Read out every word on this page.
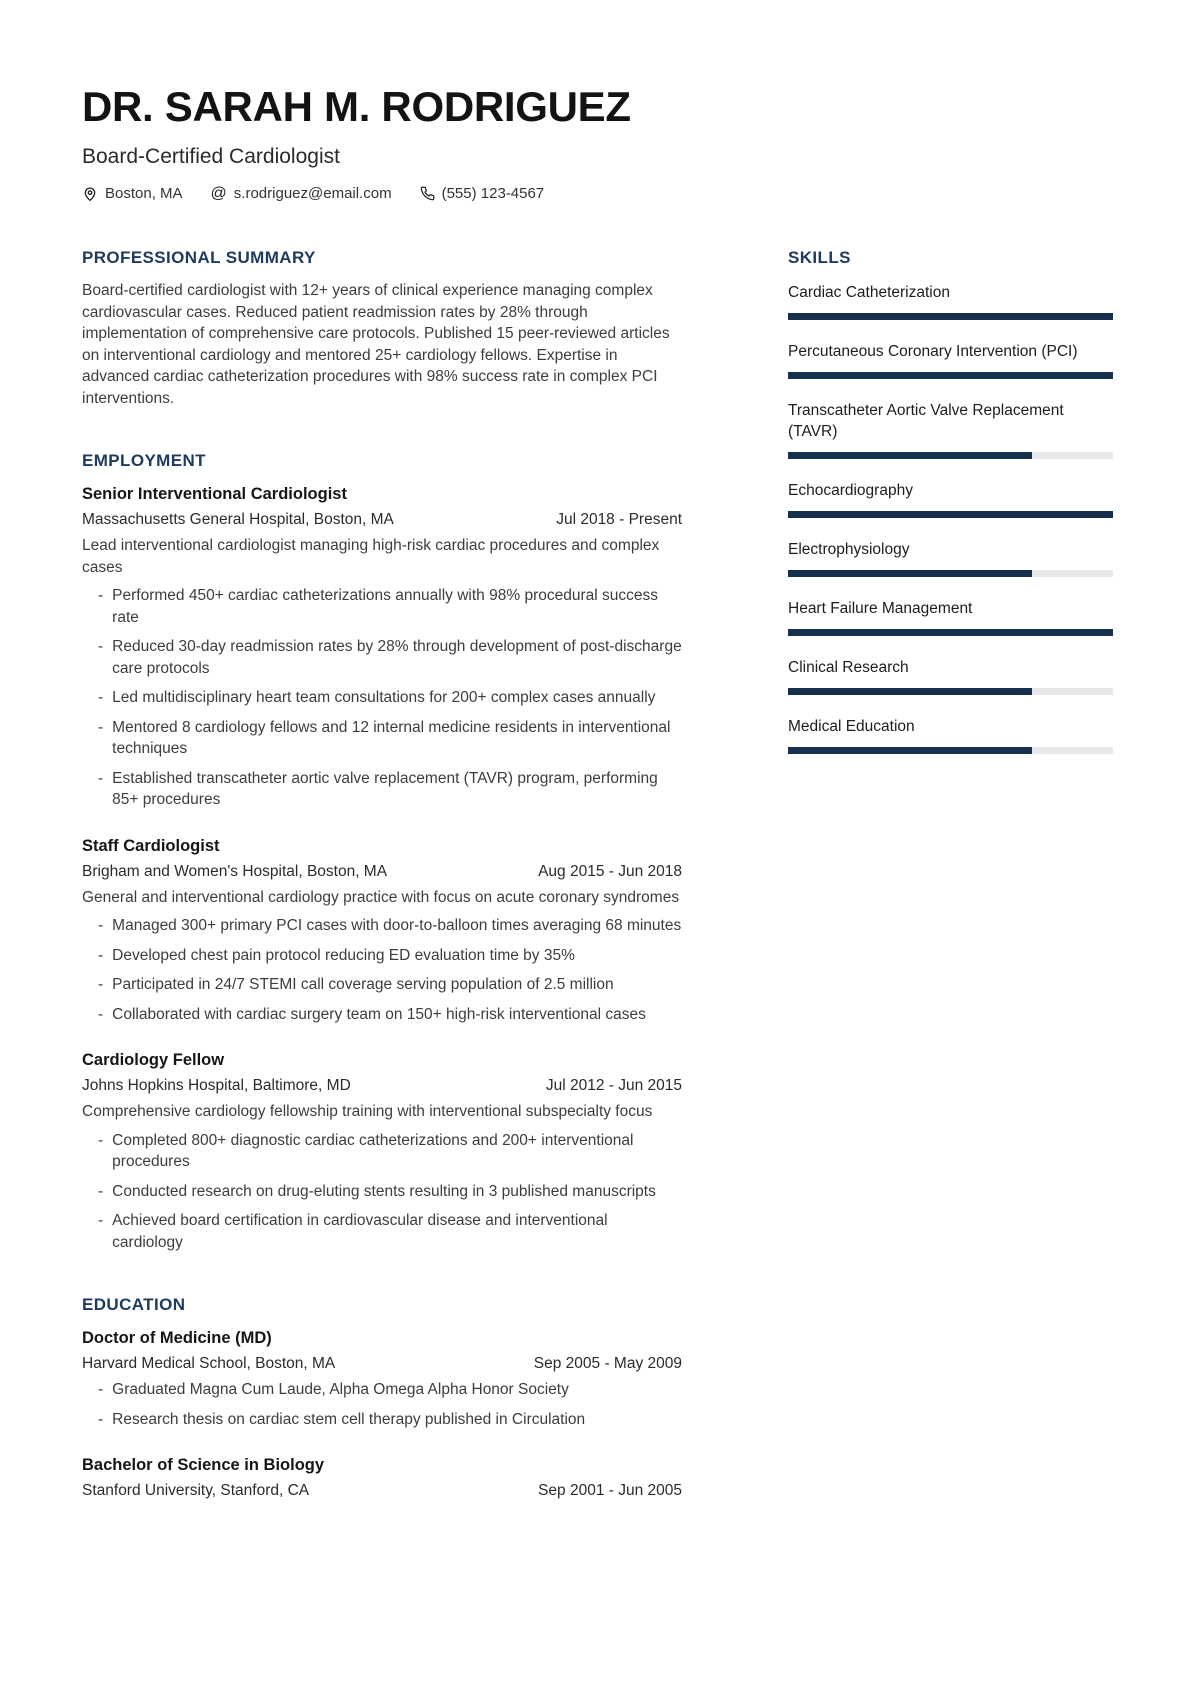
DR. SARAH M. RODRIGUEZ
Board-Certified Cardiologist
Boston, MA @ s.rodriguez@email.com	(555) 123-4567
PROFESSIONAL SUMMARY

Board-certified cardiologist with 12+ years of clinical experience managing complex cardiovascular cases. Reduced patient readmission rates by 28% through implementation of comprehensive care protocols. Published 15 peer-reviewed articles on interventional cardiology and mentored 25+ cardiology fellows. Expertise in advanced cardiac catheterization procedures with 98% success rate in complex PCI interventions.

EMPLOYMENT
Senior Interventional Cardiologist
Massachusetts General Hospital, Boston, MA	Jul 2018 - Present

Lead interventional cardiologist managing high-risk cardiac procedures and complex cases

- Performed 450+ cardiac catheterizations annually with 98% procedural success rate
- Reduced 30-day readmission rates by 28% through development of post-discharge care protocols
- Led multidisciplinary heart team consultations for 200+ complex cases annually
- Mentored 8 cardiology fellows and 12 internal medicine residents in interventional techniques
- Established transcatheter aortic valve replacement (TAVR) program, performing 85+ procedures
Staff Cardiologist
Brigham and Women's Hospital, Boston, MA	Aug 2015 - Jun 2018

General and interventional cardiology practice with focus on acute coronary syndromes

- Managed 300+ primary PCI cases with door-to-balloon times averaging 68 minutes
- Developed chest pain protocol reducing ED evaluation time by 35%
- Participated in 24/7 STEMI call coverage serving population of 2.5 million
- Collaborated with cardiac surgery team on 150+ high-risk interventional cases
Cardiology Fellow
Johns Hopkins Hospital, Baltimore, MD	Jul 2012 - Jun 2015

Comprehensive cardiology fellowship training with interventional subspecialty focus

- Completed 800+ diagnostic cardiac catheterizations and 200+ interventional procedures
- Conducted research on drug-eluting stents resulting in 3 published manuscripts
- Achieved board certification in cardiovascular disease and interventional cardiology
EDUCATION
Doctor of Medicine (MD)
Harvard Medical School, Boston, MA	Sep 2005 - May 2009
- Graduated Magna Cum Laude, Alpha Omega Alpha Honor Society
- Research thesis on cardiac stem cell therapy published in Circulation
Bachelor of Science in Biology
Stanford University, Stanford, CA	Sep 2001 - Jun 2005
SKILLS
Cardiac Catheterization
Percutaneous Coronary Intervention (PCI)
Transcatheter Aortic Valve Replacement (TAVR)
Echocardiography
Electrophysiology
Heart Failure Management
Clinical Research
Medical Education
